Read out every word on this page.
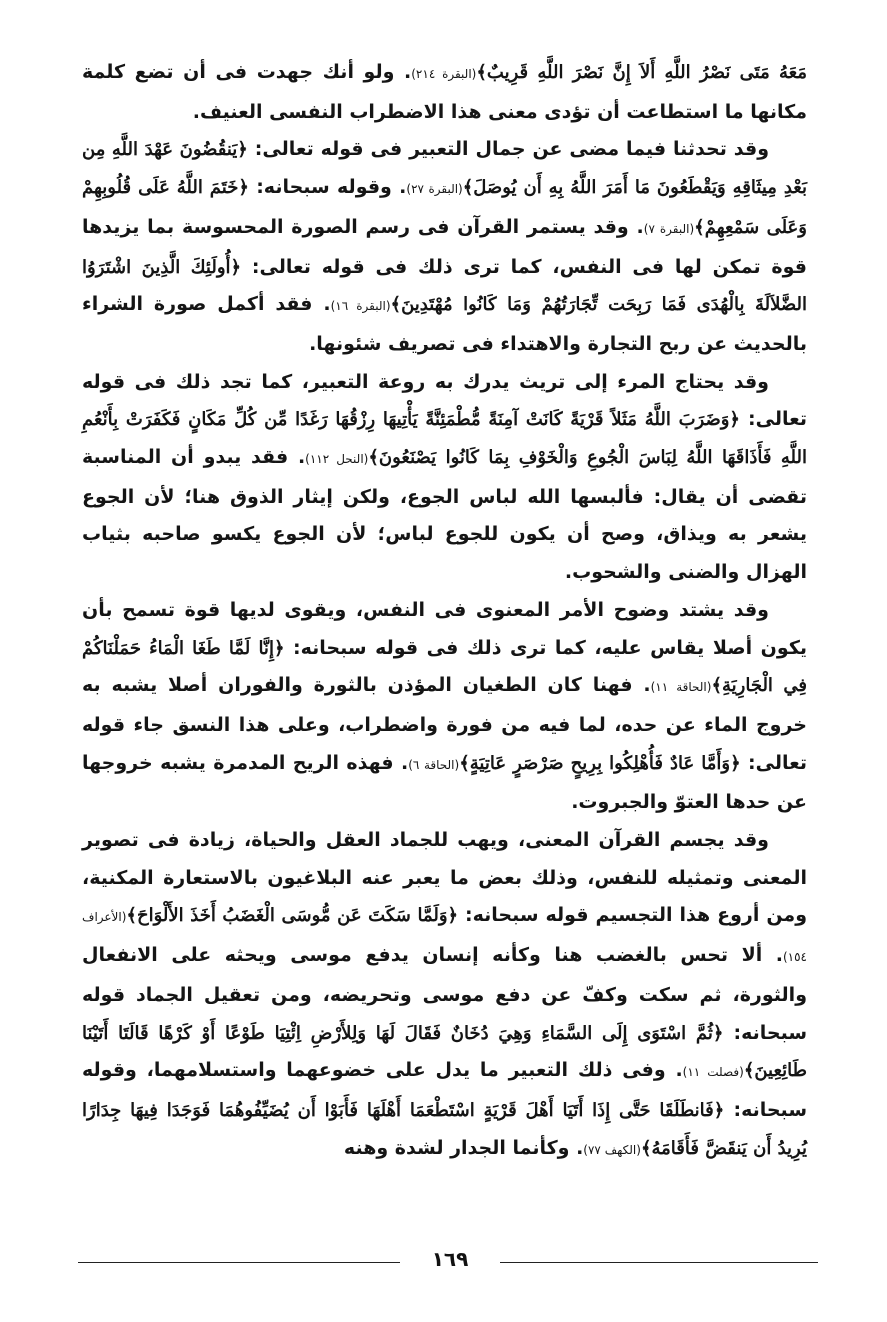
مَعَهُ مَتَى نَصْرُ اللَّهِ أَلاَ إِنَّ نَصْرَ اللَّهِ قَرِيبٌ﴾(البقرة ٢١٤). ولو أنك جهدت فى أن تضع كلمة مكانها ما استطاعت أن تؤدى معنى هذا الاضطراب النفسى العنيف.

وقد تحدثنا فيما مضى عن جمال التعبير فى قوله تعالى: ﴿يَنقُضُونَ عَهْدَ اللَّهِ مِن بَعْدِ مِيثَاقِهِ وَيَقْطَعُونَ مَا أَمَرَ اللَّهُ بِهِ أَن يُوصَلَ﴾(البقرة ٢٧). وقوله سبحانه: ﴿خَتَمَ اللَّهُ عَلَى قُلُوبِهِمْ وَعَلَى سَمْعِهِمْ﴾(البقرة ٧). وقد يستمر القرآن فى رسم الصورة المحسوسة بما يزيدها قوة تمكن لها فى النفس، كما ترى ذلك فى قوله تعالى: ﴿أُولَئِكَ الَّذِينَ اشْتَرَوُا الضَّلاَلَةَ بِالْهُدَى فَمَا رَبِحَت تِّجَارَتُهُمْ وَمَا كَانُوا مُهْتَدِينَ﴾(البقرة ١٦). فقد أكمل صورة الشراء بالحديث عن ربح التجارة والاهتداء فى تصريف شئونها.

وقد يحتاج المرء إلى تريث يدرك به روعة التعبير، كما تجد ذلك فى قوله تعالى: ﴿وَضَرَبَ اللَّهُ مَثَلاً قَرْيَةً كَانَتْ آمِنَةً مُّطْمَئِنَّةً يَأْتِيهَا رِزْقُهَا رَغَدًا مِّن كُلِّ مَكَانٍ فَكَفَرَتْ بِأَنْعُمِ اللَّهِ فَأَذَاقَهَا اللَّهُ لِبَاسَ الْجُوعِ وَالْخَوْفِ بِمَا كَانُوا يَصْنَعُونَ﴾(النحل ١١٢). فقد يبدو أن المناسبة تقضى أن يقال: فألبسها الله لباس الجوع، ولكن إيثار الذوق هنا؛ لأن الجوع يشعر به ويذاق، وصح أن يكون للجوع لباس؛ لأن الجوع يكسو صاحبه بثياب الهزال والضنى والشحوب.

وقد يشتد وضوح الأمر المعنوى فى النفس، ويقوى لديها قوة تسمح بأن يكون أصلا يقاس عليه، كما ترى ذلك فى قوله سبحانه: ﴿إِنَّا لَمَّا طَغَا الْمَاءُ حَمَلْنَاكُمْ فِي الْجَارِيَةِ﴾(الحاقة ١١). فهنا كان الطغيان المؤذن بالثورة والفوران أصلا يشبه به خروج الماء عن حده، لما فيه من فورة واضطراب، وعلى هذا النسق جاء قوله تعالى: ﴿وَأَمَّا عَادٌ فَأُهْلِكُوا بِرِيحٍ صَرْصَرٍ عَاتِيَةٍ﴾(الحاقة ٦). فهذه الريح المدمرة يشبه خروجها عن حدها العتوّ والجبروت.

وقد يجسم القرآن المعنى، ويهب للجماد العقل والحياة، زيادة فى تصوير المعنى وتمثيله للنفس، وذلك بعض ما يعبر عنه البلاغيون بالاستعارة المكنية، ومن أروع هذا التجسيم قوله سبحانه: ﴿وَلَمَّا سَكَتَ عَن مُّوسَى الْغَضَبُ أَخَذَ الأَلْوَاحَ﴾(الأعراف ١٥٤). ألا تحس بالغضب هنا وكأنه إنسان يدفع موسى ويحثه على الانفعال والثورة، ثم سكت وكفّ عن دفع موسى وتحريضه، ومن تعقيل الجماد قوله سبحانه: ﴿ثُمَّ اسْتَوَى إِلَى السَّمَاءِ وَهِيَ دُخَانٌ فَقَالَ لَهَا وَلِلأَرْضِ اِئْتِيَا طَوْعًا أَوْ كَرْهًا قَالَتَا أَتَيْنَا طَائِعِينَ﴾(فصلت ١١). وفى ذلك التعبير ما يدل على خضوعهما واستسلامهما، وقوله سبحانه: ﴿فَانطَلَقَا حَتَّى إِذَا أَتَيَا أَهْلَ قَرْيَةٍ اسْتَطْعَمَا أَهْلَهَا فَأَبَوْا أَن يُضَيِّفُوهُمَا فَوَجَدَا فِيهَا جِدَارًا يُرِيدُ أَن يَنقَضَّ فَأَقَامَهُ﴾(الكهف ٧٧). وكأنما الجدار لشدة وهنه

١٦٩
